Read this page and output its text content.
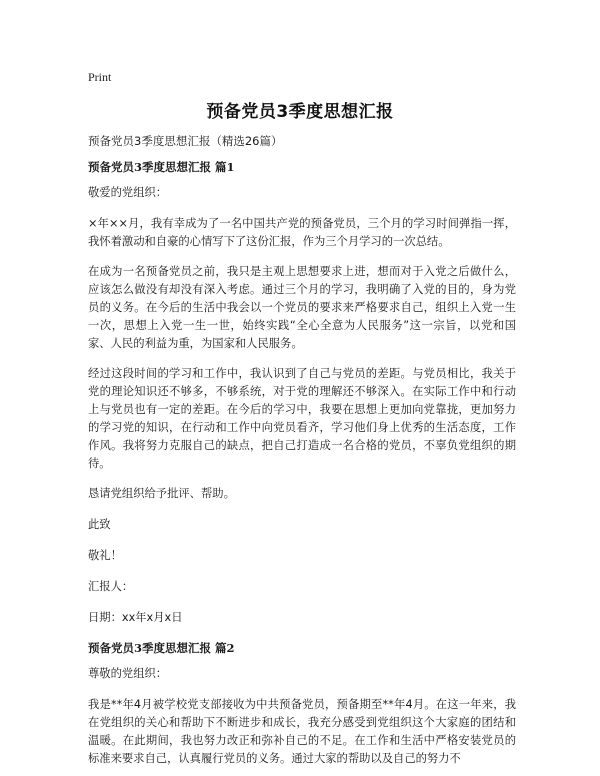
Print
预备党员3季度思想汇报

预备党员3季度思想汇报（精选26篇）

预备党员3季度思想汇报 篇1

敬爱的党组织：

×年××月，我有幸成为了一名中国共产党的预备党员，三个月的学习时间弹指一挥，我怀着激动和自豪的心情写下了这份汇报，作为三个月学习的一次总结。

在成为一名预备党员之前，我只是主观上思想要求上进，想而对于入党之后做什么，应该怎么做没有却没有深入考虑。通过三个月的学习，我明确了入党的目的，身为党员的义务。在今后的生活中我会以一个党员的要求来严格要求自己，组织上入党一生一次，思想上入党一生一世，始终实践“全心全意为人民服务”这一宗旨，以党和国家、人民的利益为重，为国家和人民服务。

经过这段时间的学习和工作中，我认识到了自己与党员的差距。与党员相比，我关于党的理论知识还不够多，不够系统，对于党的理解还不够深入。在实际工作中和行动上与党员也有一定的差距。在今后的学习中，我要在思想上更加向党靠拢，更加努力的学习党的知识，在行动和工作中向党员看齐，学习他们身上优秀的生活态度，工作作风。我将努力克服自己的缺点，把自己打造成一名合格的党员，不辜负党组织的期待。

恳请党组织给予批评、帮助。

此致

敬礼！

汇报人：

日期：xx年x月x日

预备党员3季度思想汇报 篇2

尊敬的党组织：

我是**年4月被学校党支部接收为中共预备党员，预备期至**年4月。在这一年来，我在党组织的关心和帮助下不断进步和成长，我充分感受到党组织这个大家庭的团结和温暖。在此期间，我也努力改正和弥补自己的不足。在工作和生活中严格安装党员的标准来要求自己，认真履行党员的义务。通过大家的帮助以及自己的努力不
